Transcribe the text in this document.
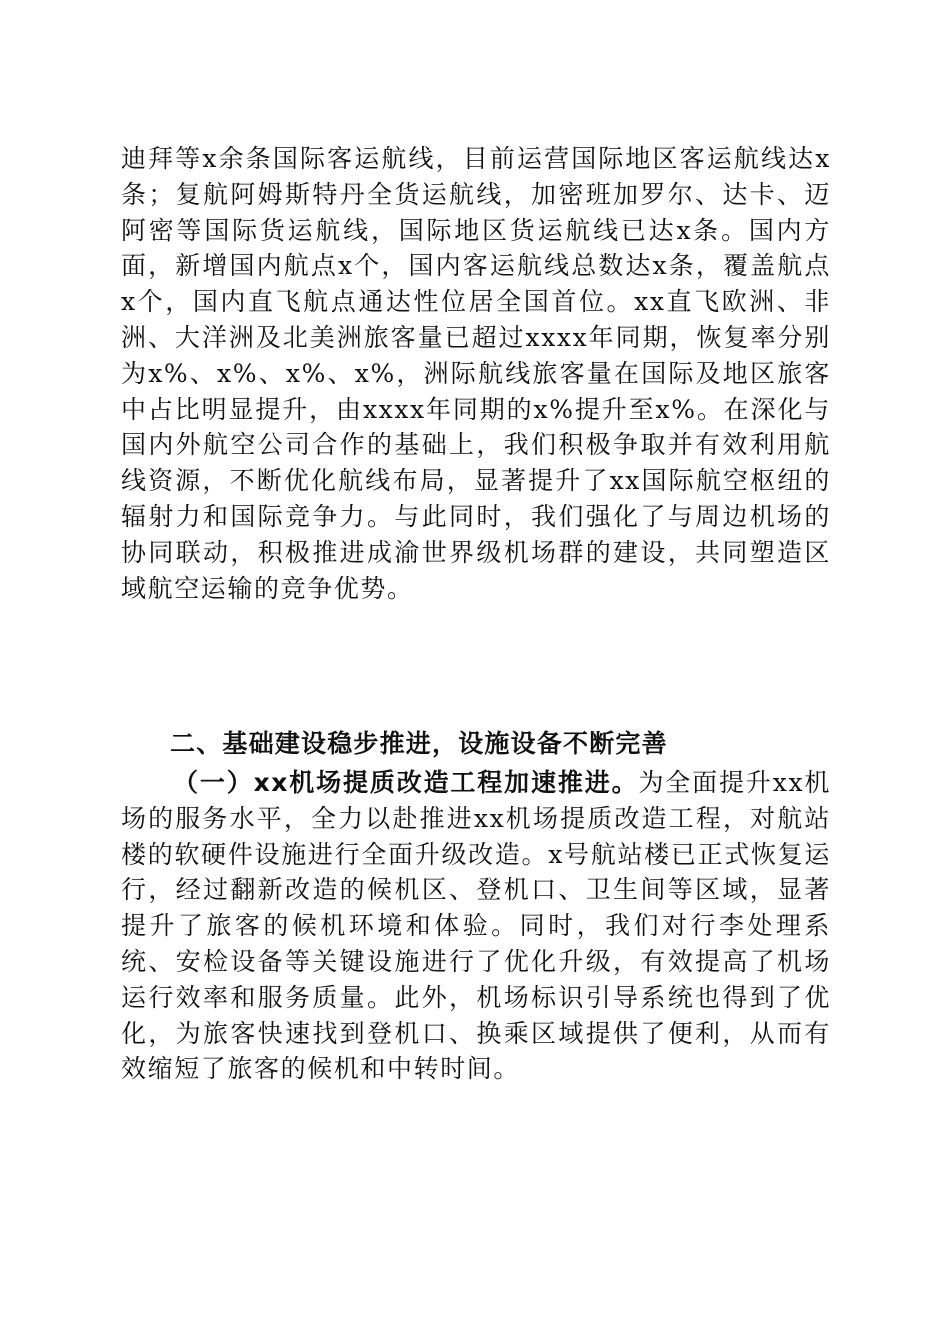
迪拜等x余条国际客运航线，目前运营国际地区客运航线达x条；复航阿姆斯特丹全货运航线，加密班加罗尔、达卡、迈阿密等国际货运航线，国际地区货运航线已达x条。国内方面，新增国内航点x个，国内客运航线总数达x条，覆盖航点x个，国内直飞航点通达性位居全国首位。xx直飞欧洲、非洲、大洋洲及北美洲旅客量已超过xxxx年同期，恢复率分别为x%、x%、x%、x%，洲际航线旅客量在国际及地区旅客中占比明显提升，由xxxx年同期的x%提升至x%。在深化与国内外航空公司合作的基础上，我们积极争取并有效利用航线资源，不断优化航线布局，显著提升了xx国际航空枢纽的辐射力和国际竞争力。与此同时，我们强化了与周边机场的协同联动，积极推进成渝世界级机场群的建设，共同塑造区域航空运输的竞争优势。

二、基础建设稳步推进，设施设备不断完善

（一）xx机场提质改造工程加速推进。为全面提升xx机场的服务水平，全力以赴推进xx机场提质改造工程，对航站楼的软硬件设施进行全面升级改造。x号航站楼已正式恢复运行，经过翻新改造的候机区、登机口、卫生间等区域，显著提升了旅客的候机环境和体验。同时，我们对行李处理系统、安检设备等关键设施进行了优化升级，有效提高了机场运行效率和服务质量。此外，机场标识引导系统也得到了优化，为旅客快速找到登机口、换乘区域提供了便利，从而有效缩短了旅客的候机和中转时间。
